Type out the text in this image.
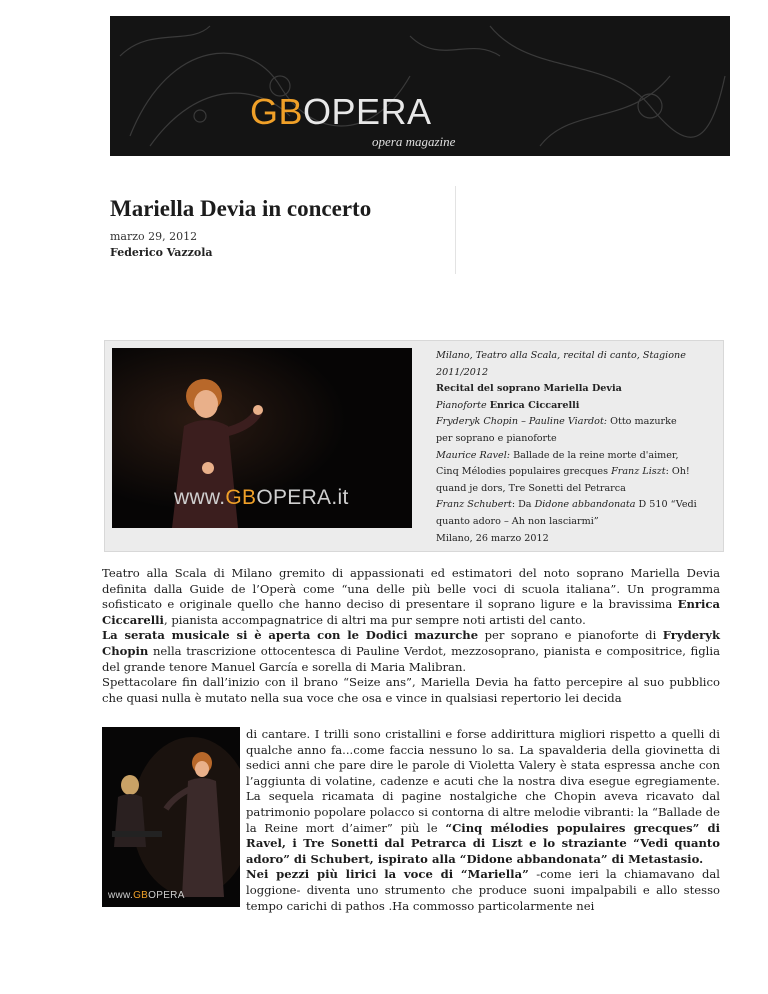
GBOPERA
opera magazine
Mariella Devia in concerto
marzo 29, 2012
Federico Vazzola
www.GBOPERA.it
Milano, Teatro alla Scala, recital di canto, Stagione
2011/2012
Recital del soprano Mariella Devia
Pianoforte Enrica Ciccarelli
Fryderyk Chopin – Pauline Viardot: Otto mazurke
per soprano e pianoforte
Maurice Ravel: Ballade de la reine morte d'aimer,
Cinq Mélodies populaires grecques Franz Liszt: Oh!
quand je dors, Tre Sonetti del Petrarca
Franz Schubert: Da Didone abbandonata D 510 “Vedi
quanto adoro – Ah non lasciarmi”
Milano, 26 marzo 2012

Teatro alla Scala di Milano gremito di appassionati ed estimatori del noto soprano Mariella Devia definita dalla Guide de l’Operà come “una delle più belle voci di scuola italiana”. Un programma sofisticato e originale quello che hanno deciso di presentare il soprano ligure e la bravissima Enrica Ciccarelli, pianista accompagnatrice di altri ma pur sempre noti artisti del canto.

La serata musicale si è aperta con le Dodici mazurche per soprano e pianoforte di Fryderyk Chopin nella trascrizione ottocentesca di Pauline Verdot, mezzosoprano, pianista e compositrice, figlia del grande tenore Manuel García e sorella di Maria Malibran.

Spettacolare fin dall’inizio con il brano “Seize ans”, Mariella Devia ha fatto percepire al suo pubblico che quasi nulla è mutato nella sua voce che osa e vince in qualsiasi repertorio lei decida

www.GBOPERA

di cantare. I trilli sono cristallini e forse addirittura migliori rispetto a quelli di qualche anno fa...come faccia nessuno lo sa. La spavalderia della giovinetta di sedici anni che pare dire le parole di Violetta Valery è stata espressa anche con l’aggiunta di volatine, cadenze e acuti che la nostra diva esegue egregiamente. La sequela ricamata di pagine nostalgiche che Chopin aveva ricavato dal patrimonio popolare polacco si contorna di altre melodie vibranti: la “Ballade de la Reine mort d’aimer” più le “Cinq mélodies populaires grecques” di Ravel, i Tre Sonetti dal Petrarca di Liszt e lo straziante “Vedi quanto adoro” di Schubert, ispirato alla “Didone abbandonata” di Metastasio.

Nei pezzi più lirici la voce di “Mariella” -come ieri la chiamavano dal loggione- diventa uno strumento che produce suoni impalpabili e allo stesso tempo carichi di pathos .Ha commosso particolarmente nei
